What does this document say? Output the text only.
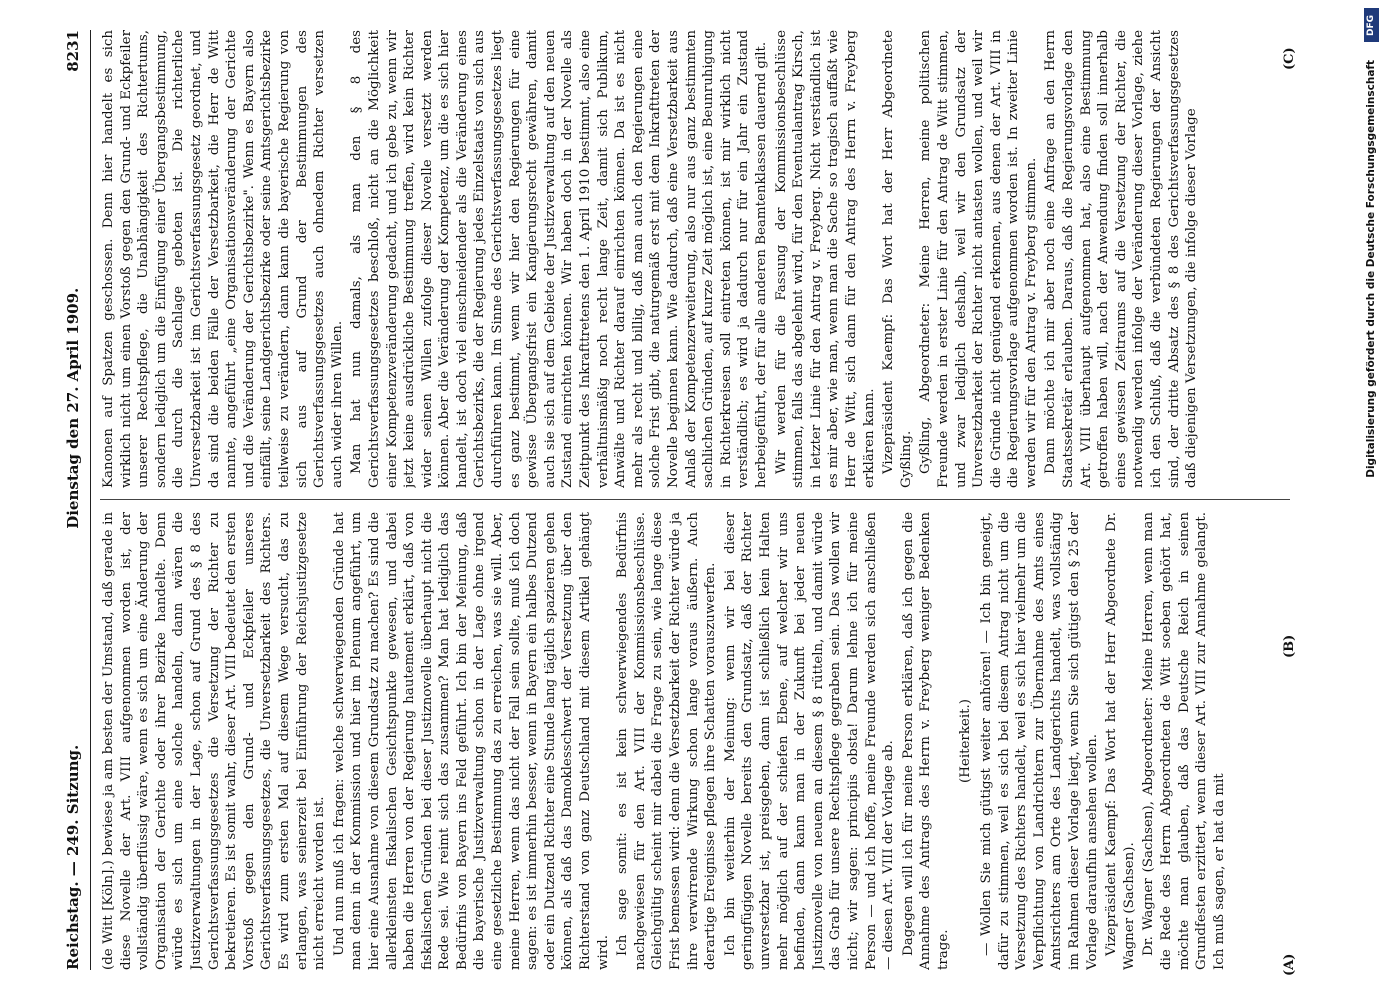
Reichstag. — 249. Sitzung.
Dienstag den 27. April 1909.
8231

(de Witt [Köln].) bewiese ja am besten der Umstand, daß gerade in diese Novelle der Art. VIII aufgenommen worden ist, der vollständig überflüssig wäre, wenn es sich um eine Änderung der Organisation der Gerichte oder ihrer Bezirke handelte. Denn würde es sich um eine solche handeln, dann wären die Justizverwaltungen in der Lage, schon auf Grund des § 8 des Gerichtsverfassungsgesetzes die Versetzung der Richter zu bekretieren. Es ist somit wahr, dieser Art. VIII bedeutet den ersten Vorstoß gegen den Grund- und Eckpfeiler unseres Gerichtsverfassungsgesetzes, die Unversetzbarkeit des Richters. Es wird zum ersten Mal auf diesem Wege versucht, das zu erlangen, was seinerzeit bei Einführung der Reichsjustizgesetze nicht erreicht worden ist. Und nun muß ich fragen: welche schwerwiegenden Gründe hat man denn in der Kommission und hier im Plenum angeführt, um hier eine Ausnahme von diesem Grundsatz zu machen? Es sind die allerkleinsten fiskalischen Gesichtspunkte gewesen, und dabei haben die Herren von der Regierung hautement erklärt, daß von fiskalischen Gründen bei dieser Justiznovelle überhaupt nicht die Rede sei. Wie reimt sich das zusammen? Man hat lediglich das Bedürfnis von Bayern ins Feld geführt. Ich bin der Meinung, daß die bayerische Justizverwaltung schon in der Lage ohne irgend eine gesetzliche Bestimmung das zu erreichen, was sie will. Aber, meine Herren, wenn das nicht der Fall sein sollte, muß ich doch sagen: es ist immerhin besser, wenn in Bayern ein halbes Dutzend oder ein Dutzend Richter eine Stunde lang täglich spazieren gehen können, als daß das Damoklesschwert der Versetzung über den Richterstand von ganz Deutschland mit diesem Artikel gehängt wird. Ich sage somit: es ist kein schwerwiegendes Bedürfnis nachgewiesen für den Art. VIII der Kommissionsbeschlüsse. Gleichgültig scheint mir dabei die Frage zu sein, wie lange diese Frist bemessen wird: denn die Versetzbarkeit der Richter würde ja ihre verwirrende Wirkung schon lange voraus äußern. Auch derartige Ereignisse pflegen ihre Schatten vorauszuwerfen. Ich bin weiterhin der Meinung: wenn wir bei dieser geringfügigen Novelle bereits den Grundsatz, daß der Richter unversetzbar ist, preisgeben, dann ist schließlich kein Halten mehr möglich auf der schiefen Ebene, auf welcher wir uns befinden, dann kann man in der Zukunft bei jeder neuen Justiznovelle von neuem an diesem § 8 rütteln, und damit würde das Grab für unsere Rechtspflege gegraben sein. Das wollen wir nicht; wir sagen: principiis obsta! Darum lehne ich für meine Person — und ich hoffe, meine Freunde werden sich anschließen — diesen Art. VIII der Vorlage ab. Dagegen will ich für meine Person erklären, daß ich gegen die Annahme des Antrags des Herrn v. Freyberg weniger Bedenken trage.

(Heiterkeit.) — Wollen Sie mich gütigst weiter anhören! — Ich bin geneigt, dafür zu stimmen, weil es sich bei diesem Antrag nicht um die Versetzung des Richters handelt, weil es sich hier vielmehr um die Verpflichtung von Landrichtern zur Übernahme des Amts eines Amtsrichters am Orte des Landgerichts handelt, was vollständig im Rahmen dieser Vorlage liegt, wenn Sie sich gütigst den § 25 der Vorlage daraufhin ansehen wollen. Vizepräsident Kaempf: Das Wort hat der Herr Abgeordnete Dr. Wagner (Sachsen). Dr. Wagner (Sachsen), Abgeordneter: Meine Herren, wenn man die Rede des Herrn Abgeordneten de Witt soeben gehört hat, möchte man glauben, daß das Deutsche Reich in seinen Grundfesten erzittert, wenn dieser Art. VIII zur Annahme gelangt. Ich muß sagen, er hat da mit

Kanonen auf Spatzen geschossen. Denn hier handelt es sich wirklich nicht um einen Vorstoß gegen den Grund- und Eckpfeiler unserer Rechtspflege, die Unabhängigkeit des Richtertums, sondern lediglich um die Einfügung einer Übergangsbestimmung, die durch die Sachlage geboten ist. Die richterliche Unversetzbarkeit ist im Gerichtsverfassungsgesetz geordnet, und da sind die beiden Fälle der Versetzbarkeit, die Herr de Witt nannte, angeführt „eine Organisationsveränderung der Gerichte und die Veränderung der Gerichtsbezirke". Wenn es Bayern also einfällt, seine Landgerichtsbezirke oder seine Amtsgerichtsbezirke teilweise zu verändern, dann kann die bayerische Regierung von sich aus auf Grund der Bestimmungen des Gerichtsverfassungsgesetzes auch ohnedem Richter versetzen auch wider ihren Willen. Man hat nun damals, als man den § 8 des Gerichtsverfassungsgesetzes beschloß, nicht an die Möglichkeit einer Kompetenzveränderung gedacht, und ich gebe zu, wenn wir jetzt keine ausdrückliche Bestimmung treffen, wird kein Richter wider seinen Willen zufolge dieser Novelle versetzt werden können. Aber die Veränderung der Kompetenz, um die es sich hier handelt, ist doch viel einschneidender als die Veränderung eines Gerichtsbezirks, die der Regierung jedes Einzelstaats von sich aus durchführen kann. Im Sinne des Gerichtsverfassungsgesetzes liegt es ganz bestimmt, wenn wir hier den Regierungen für eine gewisse Übergangsfrist ein Kangierungsrecht gewähren, damit auch sie sich auf dem Gebiete der Justizverwaltung auf den neuen Zustand einrichten können. Wir haben doch in der Novelle als Zeitpunkt des Inkrafttretens den 1. April 1910 bestimmt, also eine verhältnismäßig noch recht lange Zeit, damit sich Publikum, Anwälte und Richter darauf einrichten können. Da ist es nicht mehr als recht und billig, daß man auch den Regierungen eine solche Frist gibt, die naturgemäß erst mit dem Inkrafttreten der Novelle beginnen kann. Wie dadurch, daß eine Versetzbarkeit aus Anlaß der Kompetenzerweiterung, also nur aus ganz bestimmten sachlichen Gründen, auf kurze Zeit möglich ist, eine Beunruhigung in Richterkreisen soll eintreten können, ist mir wirklich nicht verständlich; es wird ja dadurch nur für ein Jahr ein Zustand herbeigeführt, der für alle anderen Beamtenklassen dauernd gilt. Wir werden für die Fassung der Kommissionsbeschlüsse stimmen, falls das abgelehnt wird, für den Eventualantrag Kirsch, in letzter Linie für den Antrag v. Freyberg. Nicht verständlich ist es mir aber, wie man, wenn man die Sache so tragisch auffaßt wie Herr de Witt, sich dann für den Antrag des Herrn v. Freyberg erklären kann. Vizepräsident Kaempf: Das Wort hat der Herr Abgeordnete Gyßling. Gyßling, Abgeordneter: Meine Herren, meine politischen Freunde werden in erster Linie für den Antrag de Witt stimmen, und zwar lediglich deshalb, weil wir den Grundsatz der Unversetzbarkeit der Richter nicht antasten wollen, und weil wir die Gründe nicht genügend erkennen, aus denen der Art. VIII in die Regierungsvorlage aufgenommen worden ist. In zweiter Linie werden wir für den Antrag v. Freyberg stimmen. Dann möchte ich mir aber noch eine Anfrage an den Herrn Staatssekretär erlauben. Daraus, daß die Regierungsvorlage den Art. VIII überhaupt aufgenommen hat, also eine Bestimmung getroffen haben will, nach der Anwendung finden soll innerhalb eines gewissen Zeitraums auf die Versetzung der Richter, die notwendig werden infolge der Veränderung dieser Vorlage, ziehe ich den Schluß, daß die verbündeten Regierungen der Ansicht sind, der dritte Absatz des § 8 des Gerichtsverfassungsgesetzes daß diejenigen Versetzungen, die infolge dieser Vorlage

(A)
(B)
(C)
DFG
Digitalisierung gefördert durch die Deutsche Forschungsgemeinschaft
